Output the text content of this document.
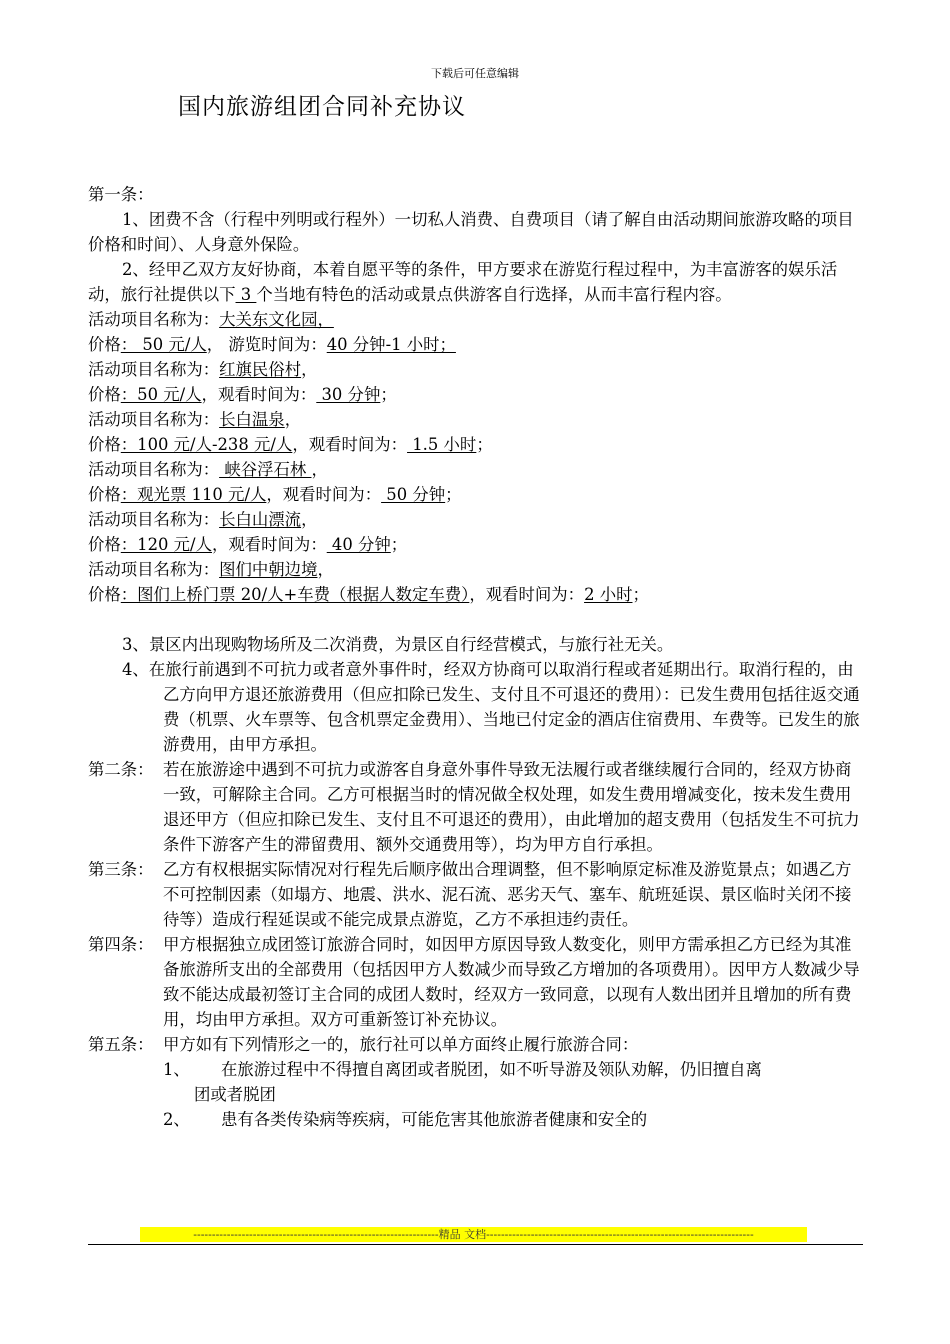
下载后可任意编辑
国内旅游组团合同补充协议

第一条：

1、团费不含（行程中列明或行程外）一切私人消费、自费项目（请了解自由活动期间旅游攻略的项目价格和时间）、人身意外保险。

2、经甲乙双方友好协商，本着自愿平等的条件，甲方要求在游览行程过程中，为丰富游客的娱乐活动，旅行社提供以下 3 个当地有特色的活动或景点供游客自行选择，从而丰富行程内容。

活动项目名称为：大关东文化园，

价格： 50 元/人， 游览时间为：40 分钟-1 小时；

活动项目名称为：红旗民俗村，

价格：50 元/人，观看时间为： 30 分钟；

活动项目名称为：长白温泉，

价格：100 元/人-238 元/人，观看时间为： 1.5 小时；

活动项目名称为： 峡谷浮石林 ，

价格：观光票 110 元/人，观看时间为： 50 分钟；

活动项目名称为：长白山漂流，

价格：120 元/人，观看时间为： 40 分钟；

活动项目名称为：图们中朝边境，

价格：图们上桥门票 20/人+车费（根据人数定车费），观看时间为：2 小时；

3、景区内出现购物场所及二次消费，为景区自行经营模式，与旅行社无关。

4、在旅行前遇到不可抗力或者意外事件时，经双方协商可以取消行程或者延期出行。取消行程的，由乙方向甲方退还旅游费用（但应扣除已发生、支付且不可退还的费用）：已发生费用包括往返交通费（机票、火车票等、包含机票定金费用）、当地已付定金的酒店住宿费用、车费等。已发生的旅游费用，由甲方承担。

第二条： 若在旅游途中遇到不可抗力或游客自身意外事件导致无法履行或者继续履行合同的，经双方协商一致，可解除主合同。乙方可根据当时的情况做全权处理，如发生费用增减变化，按未发生费用退还甲方（但应扣除已发生、支付且不可退还的费用），由此增加的超支费用（包括发生不可抗力条件下游客产生的滞留费用、额外交通费用等），均为甲方自行承担。
第三条： 乙方有权根据实际情况对行程先后顺序做出合理调整，但不影响原定标准及游览景点；如遇乙方不可控制因素（如塌方、地震、洪水、泥石流、恶劣天气、塞车、航班延误、景区临时关闭不接待等）造成行程延误或不能完成景点游览，乙方不承担违约责任。
第四条： 甲方根据独立成团签订旅游合同时，如因甲方原因导致人数变化，则甲方需承担乙方已经为其准备旅游所支出的全部费用（包括因甲方人数减少而导致乙方增加的各项费用）。因甲方人数减少导致不能达成最初签订主合同的成团人数时，经双方一致同意，以现有人数出团并且增加的所有费用，均由甲方承担。双方可重新签订补充协议。
第五条： 甲方如有下列情形之一的，旅行社可以单方面终止履行旅游合同：
1、	在旅游过程中不得擅自离团或者脱团，如不听导游及领队劝解，仍旧擅自离
团或者脱团
2、	患有各类传染病等疾病，可能危害其他旅游者健康和安全的
------------------------------------------------------------------精品 文档------------------------------------------------------------------------
